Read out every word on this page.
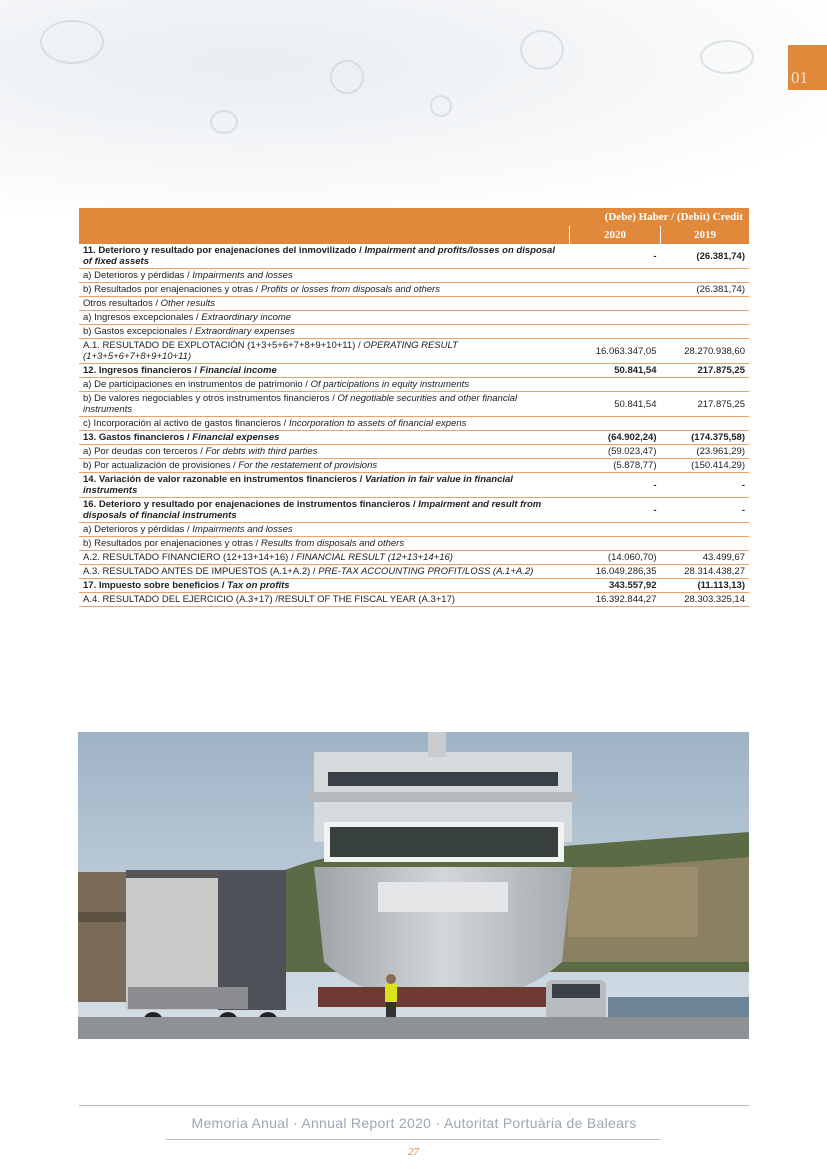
01
	(Debe) Haber / (Debit) Credit	
	2020	2019
11. Deterioro y resultado por enajenaciones del inmovilizado / Impairment and profits/losses on disposal of fixed assets	-	(26.381,74)
a) Deterioros y pérdidas / Impairments and losses		
b) Resultados por enajenaciones y otras / Profits or losses from disposals and others		(26.381,74)
Otros resultados / Other results		
a) Ingresos excepcionales / Extraordinary income		
b) Gastos excepcionales / Extraordinary expenses		
A.1. RESULTADO DE EXPLOTACIÓN (1+3+5+6+7+8+9+10+11) / OPERATING RESULT (1+3+5+6+7+8+9+10+11)	16.063.347,05	28.270.938,60
12. Ingresos financieros / Financial income	50.841,54	217.875,25
a) De participaciones en instrumentos de patrimonio / Of participations in equity instruments		
b) De valores negociables y otros instrumentos financieros / Of negotiable securities and other financial instruments	50.841,54	217.875,25
c) Incorporación al activo de gastos financieros / Incorporation to assets of financial expens		
13. Gastos financieros / Financial expenses	(64.902,24)	(174.375,58)
a) Por deudas con terceros / For debts with third parties	(59.023,47)	(23.961,29)
b) Por actualización de provisiones / For the restatement of provisions	(5.878,77)	(150.414,29)
14. Variación de valor razonable en instrumentos financieros / Variation in fair value in financial instruments	-	-
16. Deterioro y resultado por enajenaciones de instrumentos financieros / Impairment and result from disposals of financial instruments	-	-
a) Deterioros y pérdidas / Impairments and losses		
b) Resultados por enajenaciones y otras / Results from disposals and others		
A.2. RESULTADO FINANCIERO (12+13+14+16) / FINANCIAL RESULT (12+13+14+16)	(14.060,70)	43.499,67
A.3. RESULTADO ANTES DE IMPUESTOS (A.1+A.2) / PRE-TAX ACCOUNTING PROFIT/LOSS (A.1+A.2)	16.049.286,35	28.314.438,27
17. Impuesto sobre beneficios / Tax on profits	343.557,92	(11.113,13)
A.4. RESULTADO DEL EJERCICIO (A.3+17) /RESULT OF THE FISCAL YEAR (A.3+17)	16.392.844,27	28.303.325,14
Memoria Anual · Annual Report 2020 · Autoritat Portuària de Balears
27
